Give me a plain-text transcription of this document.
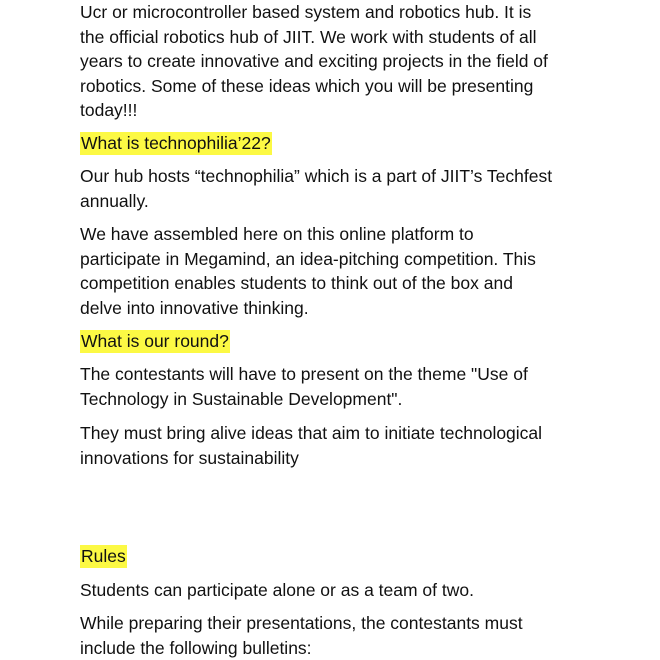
Ucr or microcontroller based system and robotics hub. It is
the official robotics hub of JIIT. We work with students of all
years to create innovative and exciting projects in the field of
robotics. Some of these ideas which you will be presenting
today!!!
What is technophilia’22?
Our hub hosts “technophilia” which is a part of JIIT’s Techfest
annually.
We have assembled here on this online platform to
participate in Megamind, an idea-pitching competition. This
competition enables students to think out of the box and
delve into innovative thinking.
What is our round?
The contestants will have to present on the theme "Use of
Technology in Sustainable Development".
They must bring alive ideas that aim to initiate technological
innovations for sustainability
Rules
Students can participate alone or as a team of two.
While preparing their presentations, the contestants must
include the following bulletins:
